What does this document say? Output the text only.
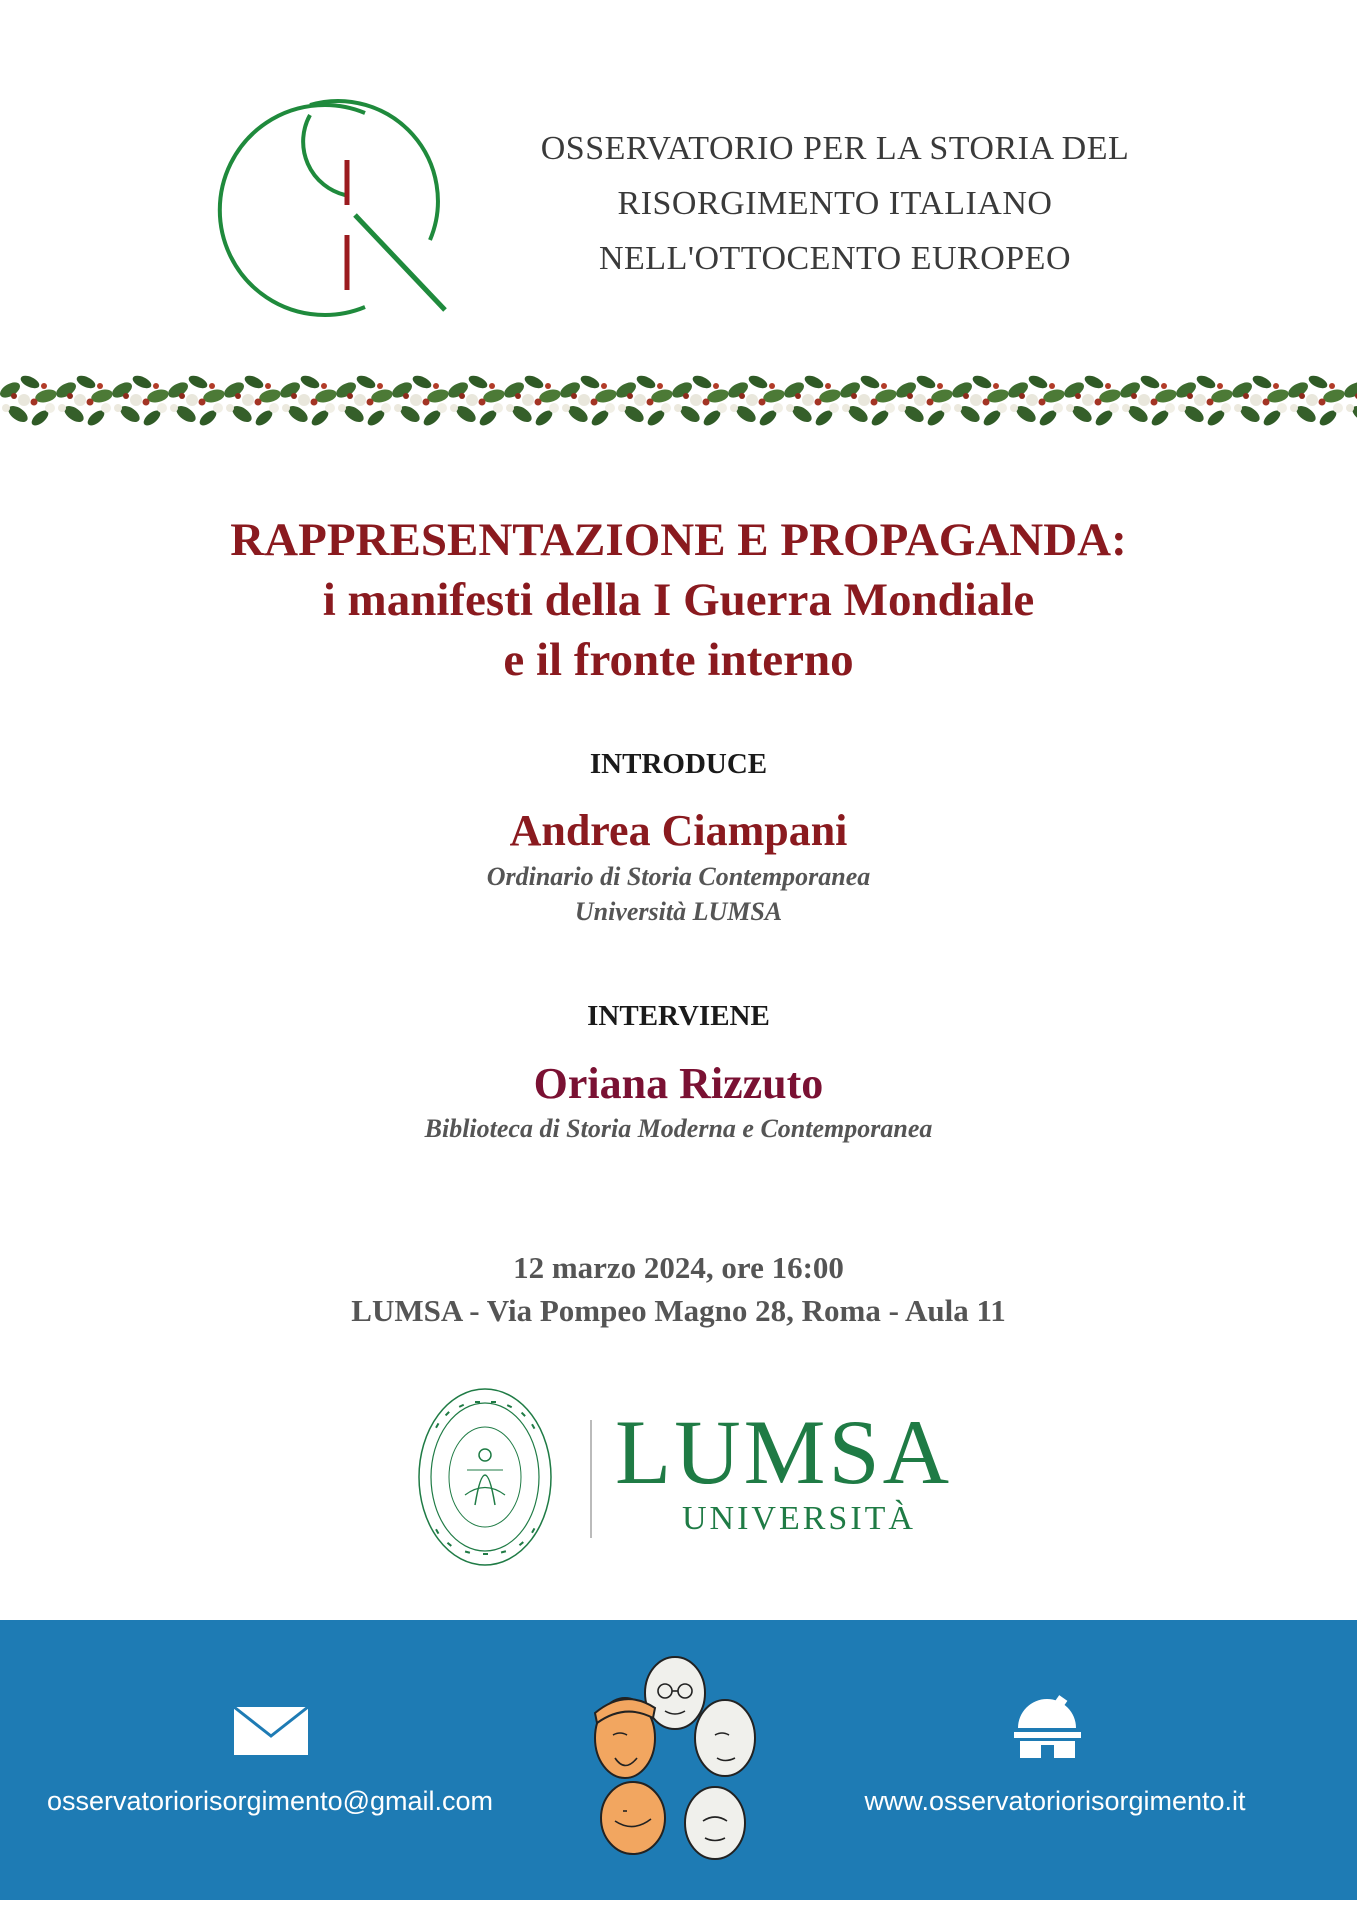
OSSERVATORIO PER LA STORIA DEL
RISORGIMENTO ITALIANO
NELL'OTTOCENTO EUROPEO
RAPPRESENTAZIONE E PROPAGANDA:
i manifesti della I Guerra Mondiale
e il fronte interno
INTRODUCE
Andrea Ciampani
Ordinario di Storia Contemporanea
Università LUMSA
INTERVIENE
Oriana Rizzuto
Biblioteca di Storia Moderna e Contemporanea
12 marzo 2024, ore 16:00
LUMSA - Via Pompeo Magno 28, Roma - Aula 11
LUMSA
UNIVERSITÀ
osservatoriorisorgimento@gmail.com	www.osservatoriorisorgimento.it
